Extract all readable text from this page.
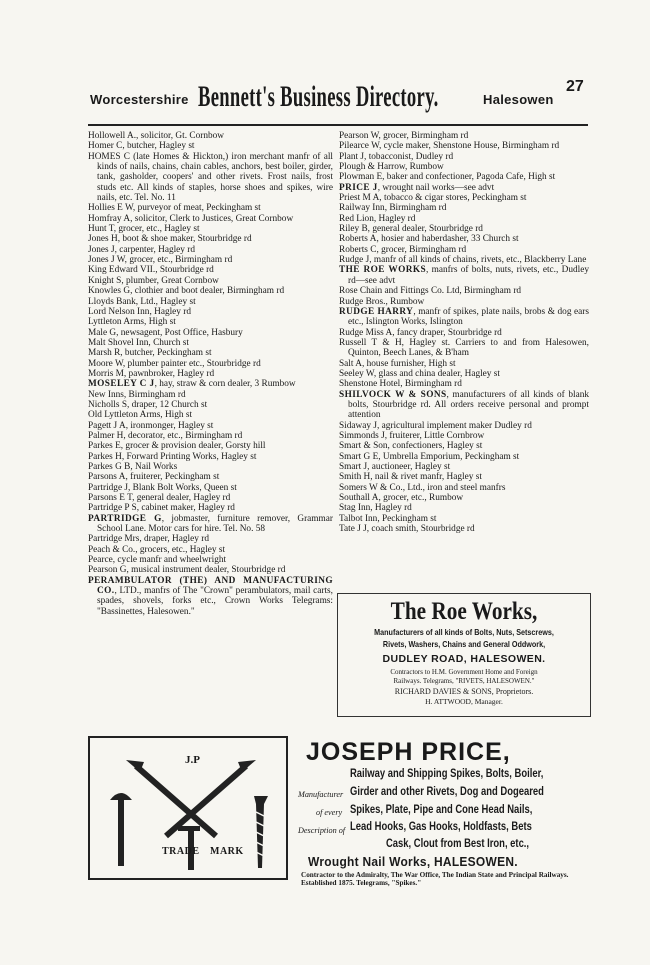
Worcestershire Bennett's Business Directory.	Halesowen
27
Hollowell A., solicitor, Gt. Cornbow
Homer C, butcher, Hagley st
HOMES C (late Homes & Hickton,) iron merchant manfr of all kinds of nails, chains, chain cables, anchors, best boiler, girder, tank, gasholder, coopers' and other rivets. Frost nails, frost studs etc. All kinds of staples, horse shoes and spikes, wire nails, etc. Tel. No. 11
Hollies E W, purveyor of meat, Peckingham st
Homfray A, solicitor, Clerk to Justices, Great Cornbow
Hunt T, grocer, etc., Hagley st
Jones H, boot & shoe maker, Stourbridge rd
Jones J, carpenter, Hagley rd
Jones J W, grocer, etc., Birmingham rd
King Edward VII., Stourbridge rd
Knight S, plumber, Great Cornbow
Knowles G, clothier and boot dealer, Birmingham rd
Lloyds Bank, Ltd., Hagley st
Lord Nelson Inn, Hagley rd
Lyttleton Arms, High st
Male G, newsagent, Post Office, Hasbury
Malt Shovel Inn, Church st
Marsh R, butcher, Peckingham st
Moore W, plumber painter etc., Stourbridge rd
Morris M, pawnbroker, Hagley rd
MOSELEY C J, hay, straw & corn dealer, 3 Rumbow
New Inns, Birmingham rd
Nicholls S, draper, 12 Church st
Old Lyttleton Arms, High st
Pagett J A, ironmonger, Hagley st
Palmer H, decorator, etc., Birmingham rd
Parkes E, grocer & provision dealer, Gorsty hill
Parkes H, Forward Printing Works, Hagley st
Parkes G B, Nail Works
Parsons A, fruiterer, Peckingham st
Partridge J, Blank Bolt Works, Queen st
Parsons E T, general dealer, Hagley rd
Partridge P S, cabinet maker, Hagley rd
PARTRIDGE G, jobmaster, furniture remover, Grammar School Lane. Motor cars for hire. Tel. No. 58
Partridge Mrs, draper, Hagley rd
Peach & Co., grocers, etc., Hagley st
Pearce, cycle manfr and wheelwright
Pearson G, musical instrument dealer, Stourbridge rd
PERAMBULATOR (THE) AND MANUFACTURING CO., LTD., manfrs of The "Crown" perambulators, mail carts, spades, shovels, forks etc., Crown Works Telegrams: "Bassinettes, Halesowen."
Pearson W, grocer, Birmingham rd
Pilearce W, cycle maker, Shenstone House, Birmingham rd
Plant J, tobacconist, Dudley rd
Plough & Harrow, Rumbow
Plowman E, baker and confectioner, Pagoda Cafe, High st
PRICE J, wrought nail works—see advt
Priest M A, tobacco & cigar stores, Peckingham st
Railway Inn, Birmingham rd
Red Lion, Hagley rd
Riley B, general dealer, Stourbridge rd
Roberts A, hosier and haberdasher, 33 Church st
Roberts C, grocer, Birmingham rd
Rudge J, manfr of all kinds of chains, rivets, etc., Blackberry Lane
THE ROE WORKS, manfrs of bolts, nuts, rivets, etc., Dudley rd—see advt
Rose Chain and Fittings Co. Ltd, Birmingham rd
Rudge Bros., Rumbow
RUDGE HARRY, manfr of spikes, plate nails, brobs & dog ears etc., Islington Works, Islington
Rudge Miss A, fancy draper, Stourbridge rd
Russell T & H, Hagley st. Carriers to and from Halesowen, Quinton, Beech Lanes, & B'ham
Salt A, house furnisher, High st
Seeley W, glass and china dealer, Hagley st
Shenstone Hotel, Birmingham rd
SHILVOCK W & SONS, manufacturers of all kinds of blank bolts, Stourbridge rd. All orders receive personal and prompt attention
Sidaway J, agricultural implement maker Dudley rd
Simmonds J, fruiterer, Little Cornbrow
Smart & Son, confectioners, Hagley st
Smart G E, Umbrella Emporium, Peckingham st
Smart J, auctioneer, Hagley st
Smith H, nail & rivet manfr, Hagley st
Somers W & Co., Ltd., iron and steel manfrs
Southall A, grocer, etc., Rumbow
Stag Inn, Hagley rd
Talbot Inn, Peckingham st
Tate J J, coach smith, Stourbridge rd
The Roe Works,
Manufacturers of all kinds of Bolts, Nuts, Setscrews,
Rivets, Washers, Chains and General Oddwork,
DUDLEY ROAD, HALESOWEN.
Contractors to H.M. Government Home and Foreign
Railways. Telegrams, "RIVETS, HALESOWEN."
RICHARD DAVIES & SONS, Proprietors.
H. ATTWOOD, Manager.
J.P
TRADE MARK
JOSEPH PRICE,
Railway and Shipping Spikes, Bolts, Boiler,
Manufacturer Girder and other Rivets, Dog and Dogeared
of every Spikes, Plate, Pipe and Cone Head Nails,
Description of Lead Hooks, Gas Hooks, Holdfasts, Bets
Cask, Clout from Best Iron, etc.,
Wrought Nail Works, HALESOWEN.
Contractor to the Admiralty, The War Office, The Indian State and Principal Railways. Established 1875. Telegrams, "Spikes."
